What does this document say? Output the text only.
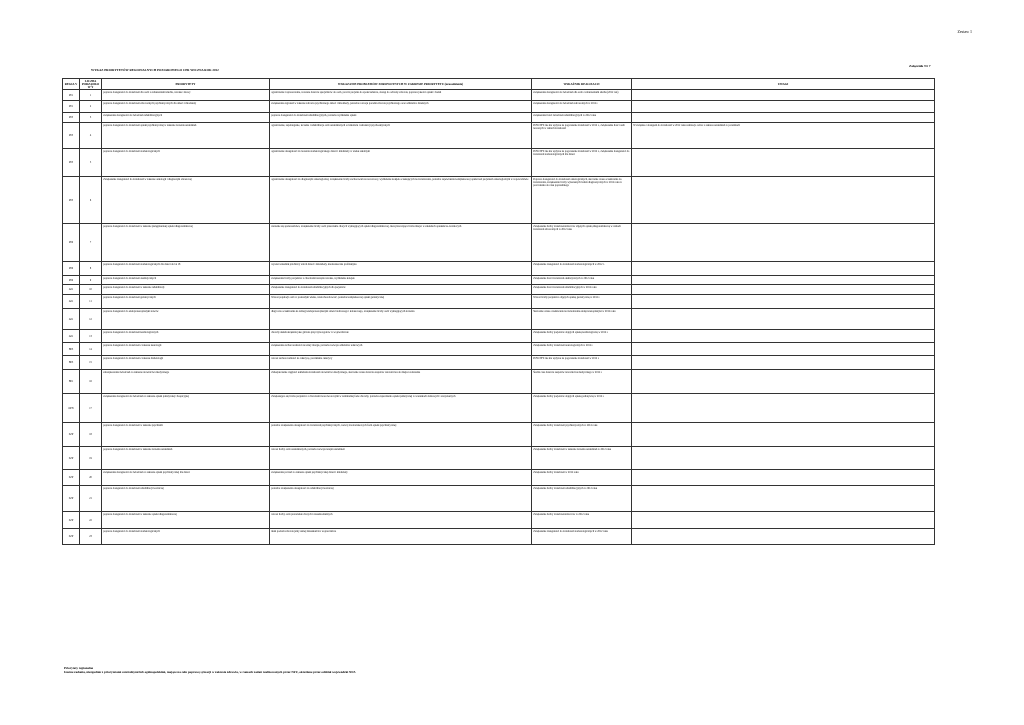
Zestaw 1
Załącznik Nr 7
WYKAZ PRIORYTETÓW REGIONALNYCH POZIAROWEGO CPR WICZNA ROK 2012
REGIA V	LICZBA PORZĄDKOW Y	PRIORYTETY	WSKAZANIE PROBLEMÓW ZDROWOTNYCH W ZAKRESIE PRIORYTETU (uzasadnienie)	WSKAŹNIK REALIZACJI	UWAGI
P01	1	poprawa dostępności do świadczeń dla osób z zaburzeniami słuchu, wzroku i mowy	ograniczenie i uproszczenie, wczesne dotarcie specjalistów do osób, powrót pacjenta do społeczeństwa, dostęp do ochrony zdrowia, poprawa jakości opieki i badań	zwiększenie dostępności do świadczeń dla osób z zaburzeniami słuchu (2012 rok)	
P01	2	poprawa dostępności do świadczeń zdrowotnych psychiatrycznych dla dzieci i młodzieży	zwiększenie zagrożeń w zakresie zdrowia psychicznego dzieci i młodzieży, potrzeba rozwoju poradni zdrowia psychicznego oraz oddziałów dziennych	zwiększenie dostępności do świadczeń zdrowotnych w 2012 r.	
P03	3	zwiększenie dostępności do świadczeń rehabilitacyjnych	poprawa dostępności do świadczeń rehabilitacyjnych, potrzeba wydłużenia opieki	zwiększenie ilości świadczeń rehabilitacyjnych w 2012 roku	
P03	4	poprawa dostępności do świadczeń opieki psychiatrycznej w zakresie leczenia uzależnień	ograniczenie, zapobieganie, leczenie i rehabilitacja osób uzależnionych od alkoholu i substancji psychoaktywnych	POW NFZ nie ma wpływu na pogorszenie świadczeń w 2012 r., zwiększenie ilości osób leczonych w ramach świadczeń	W związku z dostępem do świadczeń w 2012 roku realizacja celów z zakresu uzależnień w poradniach
P03	5	poprawa dostępności do świadczeń stomatologicznych	ograniczenie dostępności do leczenia stomatologicznego dzieci i młodzieży w wieku szkolnym	POW NFZ nie ma wpływu na pogorszenie świadczeń w 2012 r., zwiększenie dostępności do świadczeń stomatologicznych dla dzieci	
P03	6	Zwiększenie dostępności do świadczeń w zakresie onkologii i diagnostyki obrazowej	ograniczenie dostępności do diagnostyki onkologicznej, zwiększenie liczby zachorowań na nowotwory, wydłużenie kolejek oczekujących na świadczenia, potrzeba zapewnienia kompleksowej opieki nad pacjentem onkologicznym w województwie	Poprawa dostępności do świadczeń onkologicznych, skrócenie czasu oczekiwania na świadczenia, zwiększenie liczby wykonanych badań diagnostycznych w 2012 roku w porównaniu do roku poprzedniego	
P06	7	poprawa dostępności do świadczeń w zakresie pielęgniarskiej opieki długoterminowej	starzenie się społeczeństwa, zwiększenie liczby osób przewlekle chorych wymagających opieki długoterminowej, niewystarczająca liczba miejsc w zakładach opiekuńczo-leczniczych	Zwiększenie liczby świadczeniobiorców objętych opieką długoterminową w ramach świadczeń zdrowotnych w 2012 roku	
P06	8	poprawa dostępności do świadczeń stomatologicznych dla dzieci do lat 18	wysoki wskaźnik próchnicy wśród dzieci i młodzieży, niedostateczna profilaktyka	Zwiększenie dostępności do świadczeń stomatologicznych w 2012 r.	
P06	9	poprawa dostępności do świadczeń okulistycznych	zwiększenie liczby pacjentów z chorobami narządu wzroku, wydłużenie kolejek	Zwiększenie ilości świadczeń okulistycznych w 2012 roku	
A01	10	poprawa dostępności do świadczeń w zakresie rehabilitacji	Zwiększenie dostępności do świadczeń rehabilitacyjnych dla pacjentów	Zwiększenie ilości świadczeń rehabilitacyjnych w 2012 roku	
A01	11	poprawa dostępności do świadczeń geriatrycznych	Wzrost populacji osób w podeszłym wieku, wielochorobowość, potrzeba kompleksowej opieki geriatrycznej	Wzrost liczby pacjentów objętych opieką geriatryczną w 2012 r.	
A01	12	poprawa dostępności do endoprotezoplastyki stawów	długi czas oczekiwania na zabiegi endoprotezoplastyki stawu biodrowego i kolanowego, zwiększenie liczby osób wymagających leczenia	Skrócenie czasu oczekiwania na świadczenia endoprotezoplastyki w 2012 roku	
A01	13	poprawa dostępności do świadczeń kardiologicznych	choroby układu krążenia jako główna przyczyna zgonów w województwie	Zwiększenie liczby pacjentów objętych opieką kardiologiczną w 2012 r.	
B03	14	poprawa dostępności do świadczeń z zakresu neurologii	zwiększenie zachorowalności na udary mózgu, potrzeba rozwoju oddziałów udarowych	Zwiększenie liczby świadczeń neurologicznych w 2012 r.	
B03	15	poprawa dostępności do świadczeń z zakresu diabetologii	wzrost zachorowalności na cukrzycę, powikłania cukrzycy	POW NFZ nie ma wpływu na pogorszenie świadczeń w 2012 r.	
B01	16	zabezpieczenie świadczeń w zakresie ratownictwa medycznego	Zabezpieczenie ciągłości udzielania świadczeń ratownictwa medycznego, skrócenie czasu dotarcia zespołów ratownictwa do miejsca zdarzenia	Średni czas dotarcia zespołów ratownictwa medycznego w 2012 r.	
OPN	17	zwiększenie dostępności do świadczeń w zakresie opieki paliatywnej i hospicyjnej	Zwiększająca się liczba pacjentów z chorobami nowotworowymi w terminalnej fazie choroby, potrzeba zapewnienia opieki paliatywnej w warunkach domowych i stacjonarnych	Zwiększenie liczby pacjentów objętych opieką paliatywną w 2012 r.	
ZZP	18	poprawa dostępności do świadczeń w zakresie psychiatrii	potrzeba zwiększenia dostępności do świadczeń psychiatrycznych, rozwój środowiskowych form opieki psychiatrycznej	Zwiększenie liczby świadczeń psychiatrycznych w 2012 roku	
ZZP	19	poprawa dostępności do świadczeń w zakresie leczenia uzależnień	wzrost liczby osób uzależnionych, potrzeba rozwoju terapii uzależnień	Zwiększenie liczby świadczeń w zakresie leczenia uzależnień w 2012 roku	
ZZP	20	zwiększenie dostępności do świadczeń w zakresie opieki psychiatrycznej dla dzieci	zwiększenie potrzeb w zakresie opieki psychiatrycznej dzieci i młodzieży	Zwiększenie liczby świadczeń w 2012 roku	
ZZP	21	poprawa dostępności do świadczeń rehabilitacji leczniczej	potrzeba zwiększenia dostępności do rehabilitacji leczniczej	Zwiększenie liczby świadczeń rehabilitacyjnych w 2012 roku	
ZZP	22	poprawa dostępności do świadczeń w zakresie opieki długoterminowej	wzrost liczby osób przewlekle chorych i niesamodzielnych	Zwiększenie liczby świadczeniobiorców w 2012 roku	
ZZP	23	poprawa dostępności do świadczeń stomatologicznych	niski poziom zdrowia jamy ustnej mieszkańców województwa	Zwiększenie dostępności do świadczeń stomatologicznych w 2012 roku	
Priorytety regionalne
Istotne zadania, niezgodnie z priorytetami centralnymi lub ogólnopolskimi, mające na celu poprawę sytuacji w zakresie zdrowia, w ramach zadań realizowanych przez NFZ, określone przez oddział wojewódzki NFZ.
